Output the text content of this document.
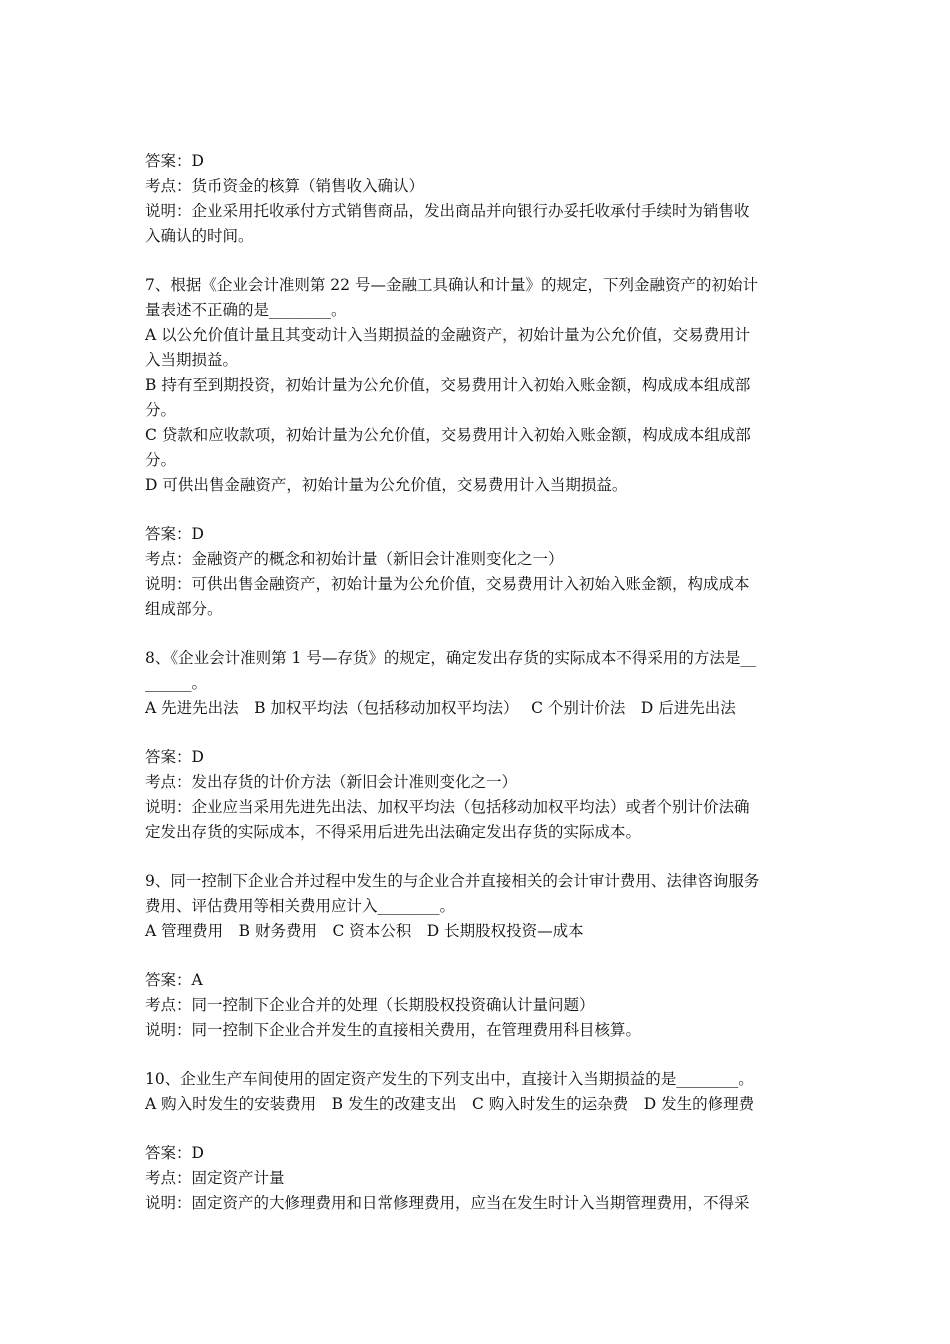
答案：D

考点：货币资金的核算（销售收入确认）

说明：企业采用托收承付方式销售商品，发出商品并向银行办妥托收承付手续时为销售收

入确认的时间。

7、根据《企业会计准则第 22 号—金融工具确认和计量》的规定，下列金融资产的初始计

量表述不正确的是________。

A 以公允价值计量且其变动计入当期损益的金融资产，初始计量为公允价值，交易费用计

入当期损益。

B 持有至到期投资，初始计量为公允价值，交易费用计入初始入账金额，构成成本组成部

分。

C 贷款和应收款项，初始计量为公允价值，交易费用计入初始入账金额，构成成本组成部

分。

D 可供出售金融资产，初始计量为公允价值，交易费用计入当期损益。

答案：D

考点：金融资产的概念和初始计量（新旧会计准则变化之一）

说明：可供出售金融资产，初始计量为公允价值，交易费用计入初始入账金额，构成成本

组成部分。

8、《企业会计准则第 1 号—存货》的规定，确定发出存货的实际成本不得采用的方法是__

______。

A 先进先出法　B 加权平均法（包括移动加权平均法）　 C 个别计价法　D 后进先出法

答案：D

考点：发出存货的计价方法（新旧会计准则变化之一）

说明：企业应当采用先进先出法、加权平均法（包括移动加权平均法）或者个别计价法确

定发出存货的实际成本，不得采用后进先出法确定发出存货的实际成本。

9、同一控制下企业合并过程中发生的与企业合并直接相关的会计审计费用、法律咨询服务

费用、评估费用等相关费用应计入________。

A 管理费用　B 财务费用　C 资本公积　D 长期股权投资—成本

答案：A

考点：同一控制下企业合并的处理（长期股权投资确认计量问题）

说明：同一控制下企业合并发生的直接相关费用，在管理费用科目核算。

10、企业生产车间使用的固定资产发生的下列支出中，直接计入当期损益的是________。

A 购入时发生的安装费用　B 发生的改建支出　C 购入时发生的运杂费　D 发生的修理费

答案：D

考点：固定资产计量

说明：固定资产的大修理费用和日常修理费用，应当在发生时计入当期管理费用，不得采
